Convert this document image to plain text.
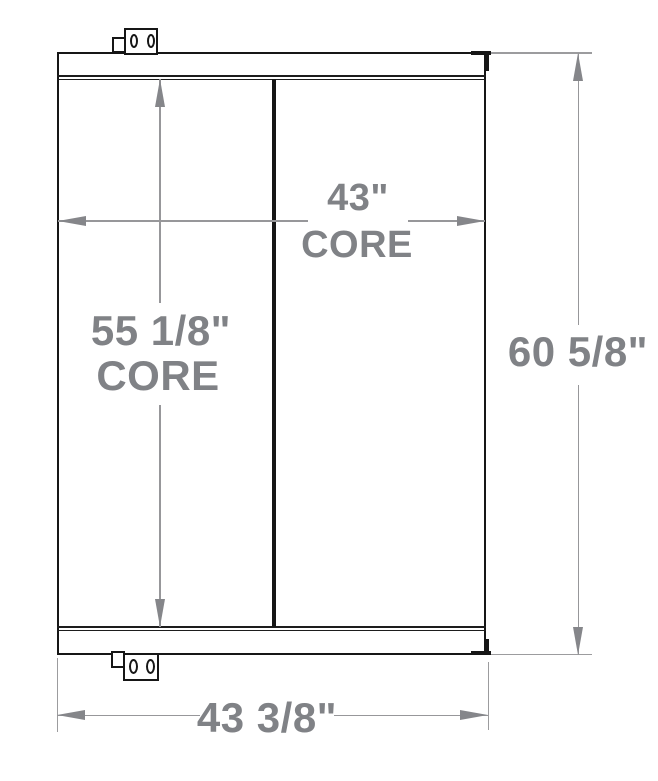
55 1/8"
CORE
43"
CORE
60 5/8"
43 3/8"
